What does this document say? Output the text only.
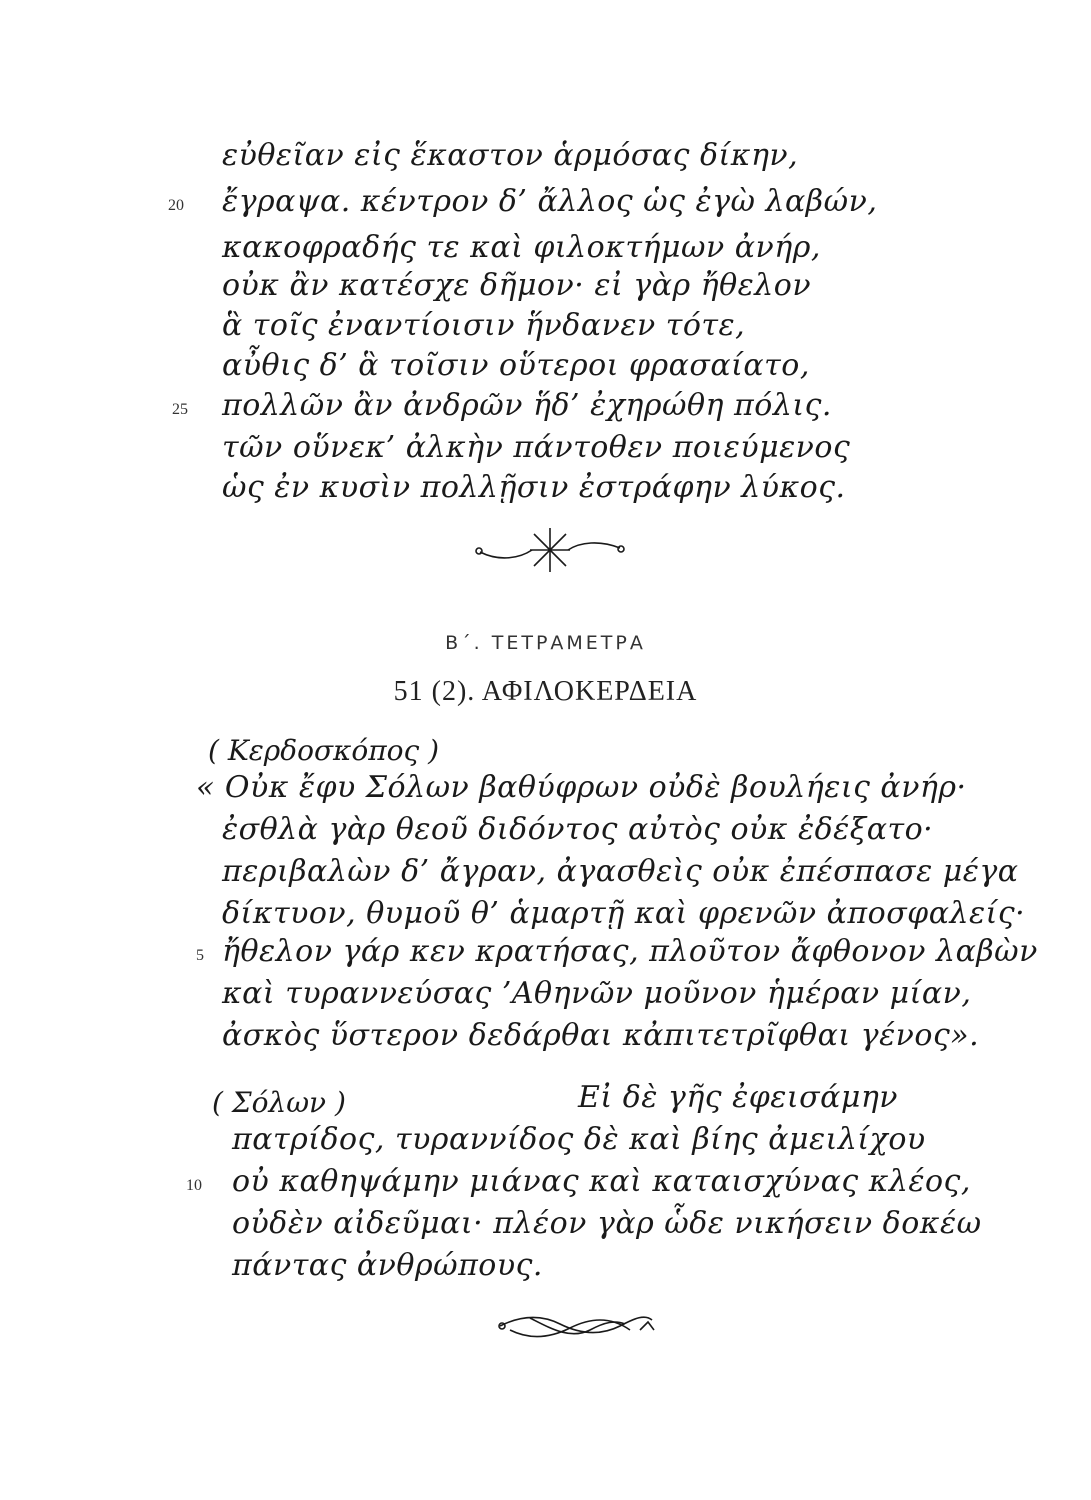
εὐθεῖαν εἰς ἕκαστον ἁρμόσας δίκην,
20 ἔγραψα. κέντρον δ’ ἄλλος ὡς ἐγὼ λαβών,
κακοφραδής τε καὶ φιλοκτήμων ἀνήρ,
οὐκ ἂν κατέσχε δῆμον· εἰ γὰρ ἤθελον
ἃ τοῖς ἐναντίοισιν ἥνδανεν τότε,
αὖθις δ’ ἃ τοῖσιν οὕτεροι φρασαίατο,
25 πολλῶν ἂν ἀνδρῶν ἥδ’ ἐχηρώθη πόλις.
τῶν οὕνεκ’ ἀλκὴν πάντοθεν ποιεύμενος
ὡς ἐν κυσὶν πολλῇσιν ἐστράφην λύκος.
Β΄. ΤΕΤΡΑΜΕΤΡΑ
51 (2). ΑΦΙΛΟΚΕΡΔΕΙΑ
( Κερδοσκόπος )
« Οὐκ ἔφυ Σόλων βαθύφρων οὐδὲ βουλήεις ἀνήρ·
ἐσθλὰ γὰρ θεοῦ διδόντος αὐτὸς οὐκ ἐδέξατο·
περιβαλὼν δ’ ἄγραν, ἀγασθεὶς οὐκ ἐπέσπασε μέγα
δίκτυον, θυμοῦ θ’ ἁμαρτῇ καὶ φρενῶν ἀποσφαλείς·
5 ἤθελον γάρ κεν κρατήσας, πλοῦτον ἄφθονον λαβὼν
καὶ τυραννεύσας ’Αθηνῶν μοῦνον ἡμέραν μίαν,
ἀσκὸς ὕστερον δεδάρθαι κἀπιτετρῖφθαι γένος».
( Σόλων )	Εἰ δὲ γῆς ἐφεισάμην
πατρίδος, τυραννίδος δὲ καὶ βίης ἀμειλίχου
10 οὐ καθηψάμην μιάνας καὶ καταισχύνας κλέος,
οὐδὲν αἰδεῦμαι· πλέον γὰρ ὧδε νικήσειν δοκέω
πάντας ἀνθρώπους.
